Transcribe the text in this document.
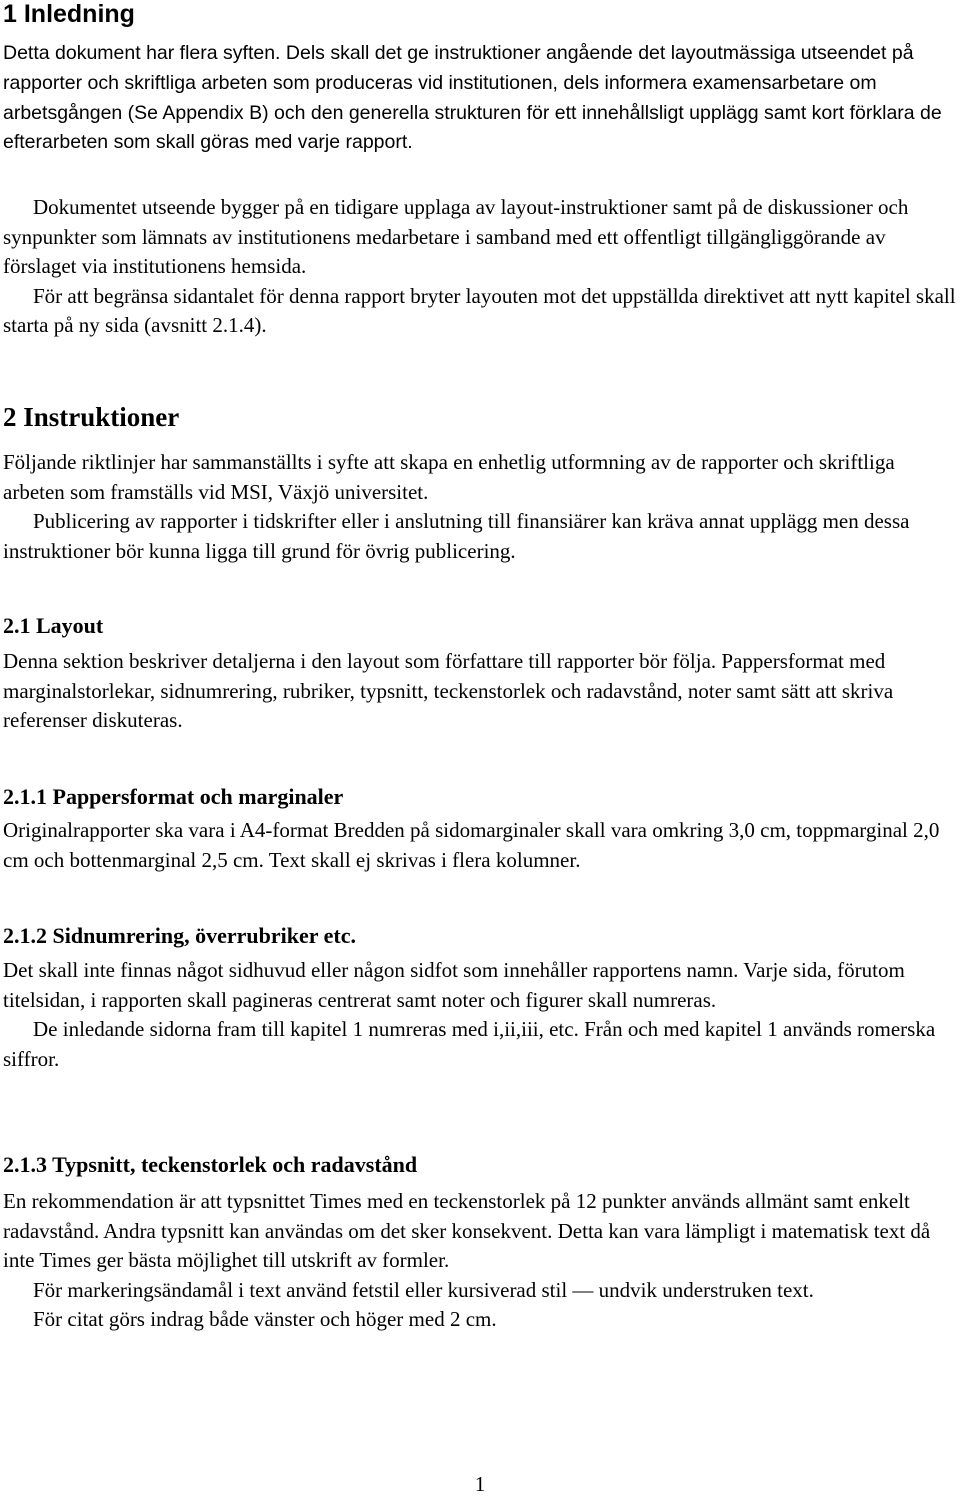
1 Inledning

Detta dokument har flera syften. Dels skall det ge instruktioner angående det layoutmässiga utseendet på rapporter och skriftliga arbeten som produceras vid institutionen, dels informera examensarbetare om arbetsgången (Se Appendix B) och den generella strukturen för ett innehållsligt upplägg samt kort förklara de efterarbeten som skall göras med varje rapport.

Dokumentet utseende bygger på en tidigare upplaga av layout-instruktioner samt på de diskussioner och synpunkter som lämnats av institutionens medarbetare i samband med ett offentligt tillgängliggörande av förslaget via institutionens hemsida.

För att begränsa sidantalet för denna rapport bryter layouten mot det uppställda direktivet att nytt kapitel skall starta på ny sida (avsnitt 2.1.4).

2 Instruktioner

Följande riktlinjer har sammanställts i syfte att skapa en enhetlig utformning av de rapporter och skriftliga arbeten som framställs vid MSI, Växjö universitet.

Publicering av rapporter i tidskrifter eller i anslutning till finansiärer kan kräva annat upplägg men dessa instruktioner bör kunna ligga till grund för övrig publicering.

2.1 Layout

Denna sektion beskriver detaljerna i den layout som författare till rapporter bör följa. Pappersformat med marginalstorlekar, sidnumrering, rubriker, typsnitt, teckenstorlek och radavstånd, noter samt sätt att skriva referenser diskuteras.

2.1.1 Pappersformat och marginaler

Originalrapporter ska vara i A4-format Bredden på sidomarginaler skall vara omkring 3,0 cm, toppmarginal 2,0 cm och bottenmarginal 2,5 cm. Text skall ej skrivas i flera kolumner.

2.1.2 Sidnumrering, överrubriker etc.

Det skall inte finnas något sidhuvud eller någon sidfot som innehåller rapportens namn. Varje sida, förutom titelsidan, i rapporten skall pagineras centrerat samt noter och figurer skall numreras.

De inledande sidorna fram till kapitel 1 numreras med i,ii,iii, etc. Från och med kapitel 1 används romerska siffror.

2.1.3 Typsnitt, teckenstorlek och radavstånd

En rekommendation är att typsnittet Times med en teckenstorlek på 12 punkter används allmänt samt enkelt radavstånd. Andra typsnitt kan användas om det sker konsekvent. Detta kan vara lämpligt i matematisk text då inte Times ger bästa möjlighet till utskrift av formler.

För markeringsändamål i text använd fetstil eller kursiverad stil — undvik understruken text.

För citat görs indrag både vänster och höger med 2 cm.

1
